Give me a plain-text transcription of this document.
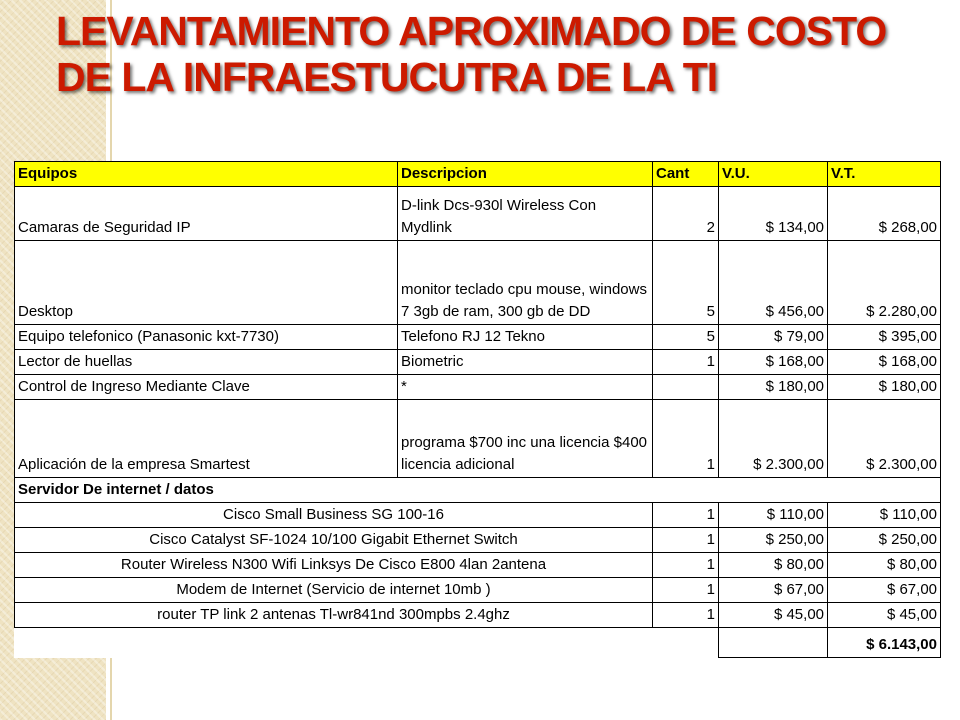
LEVANTAMIENTO APROXIMADO DE COSTO DE LA INFRAESTUCUTRA DE LA TI
Equipos	Descripcion	Cant	V.U.	V.T.
Camaras de Seguridad IP	D-link Dcs-930l Wireless Con Mydlink	2	$ 134,00	$ 268,00
Desktop	monitor teclado cpu mouse, windows 7 3gb de ram, 300 gb de DD	5	$ 456,00	$ 2.280,00
Equipo telefonico (Panasonic kxt-7730)	Telefono RJ 12 Tekno	5	$ 79,00	$ 395,00
Lector de huellas	Biometric	1	$ 168,00	$ 168,00
Control de Ingreso Mediante Clave	*		$ 180,00	$ 180,00
Aplicación de la empresa Smartest	programa $700 inc una licencia $400 licencia adicional	1	$ 2.300,00	$ 2.300,00
Servidor De internet / datos				
Cisco Small Business SG 100-16		1	$ 110,00	$ 110,00
Cisco Catalyst SF-1024 10/100 Gigabit Ethernet Switch		1	$ 250,00	$ 250,00
Router Wireless N300 Wifi Linksys De Cisco E800 4lan 2antena		1	$ 80,00	$ 80,00
Modem de Internet (Servicio de internet 10mb )		1	$ 67,00	$ 67,00
router TP link 2 antenas Tl-wr841nd 300mpbs 2.4ghz		1	$ 45,00	$ 45,00
				$ 6.143,00
